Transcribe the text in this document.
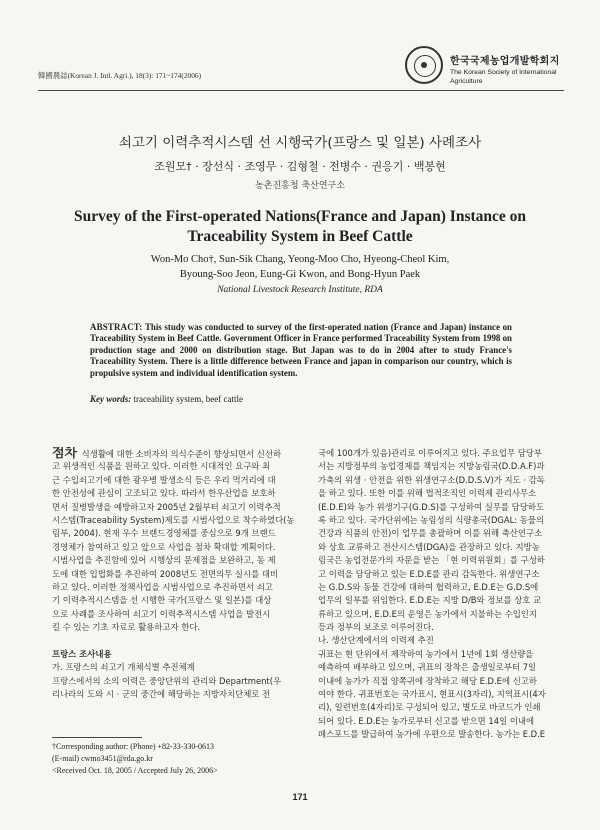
韓國農誌(Korean J. Intl. Agri.), 18(3): 171~174(2006)
한국국제농업개발학회지
The Korean Society of International
Agriculture
쇠고기 이력추적시스템 선 시행국가(프랑스 및 일본) 사례조사
조원모† · 장선식 · 조영무 · 김형철 · 전병수 · 권응기 · 백봉현
농촌진흥청 축산연구소
Survey of the First-operated Nations(France and Japan) Instance on
Traceability System in Beef Cattle
Won-Mo Cho†, Sun-Sik Chang, Yeong-Moo Cho, Hyeong-Cheol Kim,
Byoung-Soo Jeon, Eung-Gi Kwon, and Bong-Hyun Paek
National Livestock Research Institute, RDA
ABSTRACT: This study was conducted to survey of the first-operated nation (France and Japan) instance on Traceability System in Beef Cattle. Government Officer in France performed Traceability System from 1998 on production stage and 2000 on distribution stage. But Japan was to do in 2004 after to study France's Traceability System. There is a little difference between France and japan in comparison our country, which is propulsive system and individual identification system.
Key words: traceability system, beef cattle
점차 식생활에 대한 소비자의 의식수준이 향상되면서 신선하
고 위생적인 식품을 원하고 있다. 이러한 시대적인 요구와 최
근 수입쇠고기에 대한 광우병 발생소식 등은 우리 먹거리에 대
한 안전성에 관심이 고조되고 있다. 따라서 한우산업을 보호하
면서 질병발생을 예방하고자 2005년 2월부터 쇠고기 이력추적
시스템(Traceability System)제도를 시범사업으로 착수하였다(농
림부, 2004). 현재 우수 브랜드경영체를 중심으로 9개 브랜드
경영체가 참여하고 있고 앞으로 사업을 점차 확대할 계획이다.
시범사업을 추진함에 있어 시행상의 문제점을 보완하고, 동 제
도에 대한 입법화를 추진하여 2008년도 전면의무 실시를 대비
하고 있다. 이러한 정책사업을 시범사업으로 추진하면서 쇠고
기 이력추적시스템을 선 시행한 국가(프랑스 및 일본)를 대상
으로 사례를 조사하여 쇠고기 이력추적시스템 사업을 발전시
킬 수 있는 기초 자료로 활용하고자 한다.
프랑스 조사내용
가. 프랑스의 쇠고기 개체식별 추진체계
프랑스에서의 소의 이력은 중앙단위의 관리와 Department(우
리나라의 도와 시 · 군의 중간에 해당하는 지방자치단체로 전
국에 100개가 있음)관리로 이루어지고 있다. 주요업무 담당부
서는 지방정부의 농업경제를 책임지는 지방농림국(D.D.A.F)과
가축의 위생 · 안전을 위한 위생연구소(D.D.S.V)가 지도 · 감독
을 하고 있다. 또한 이를 위해 법적조직인 이력제 관리사무소
(E.D.E)와 농가 위생기구(G.D.S)를 구성하여 실무를 담당하도
록 하고 있다. 국가단위에는 농림성의 식량총국(DGAL: 동물의
건강과 식품의 안전)이 업무를 총괄하며 이를 위해 축산연구소
와 상호 교류하고 전산시스템(DGA)을 관장하고 있다. 지방농
림국은 농업전문가의 자문을 받는 「현 이력위원회」를 구성하
고 이력을 담당하고 있는 E.D.E를 관리 감독한다. 위생연구소
는 G.D.S와 동물 건강에 대하여 협력하고, E.D.E는 G.D.S에
업무의 일부를 위임한다. E.D.E는 지방 D/B와 정보를 상호 교
류하고 있으며, E.D.E의 운영은 농가에서 지불하는 수입인지
등과 정부의 보조로 이루어진다.
나. 생산단계에서의 이력제 추진
귀표는 현 단위에서 제작하여 농가에서 1년에 1회 생산량을
예측하여 배부하고 있으며, 귀표의 장착은 출생일로부터 7일
이내에 농가가 직접 양쪽귀에 장착하고 해당 E.D.E에 신고하
여야 한다. 귀표번호는 국가표시, 현표시(3자리), 지역표시(4자
리), 일련번호(4자리)로 구성되어 있고, 별도로 바코드가 인쇄
되어 있다. E.D.E는 농가로부터 신고를 받으면 14일 이내에
패스포드를 발급하여 농가에 우편으로 발송한다. 농가는 E.D.E
†Corresponding author: (Phone) +82-33-330-0613
(E-mail) cwmo3451@rda.go.kr
<Received Oct. 18, 2005 / Accepted July 26, 2006>
171
